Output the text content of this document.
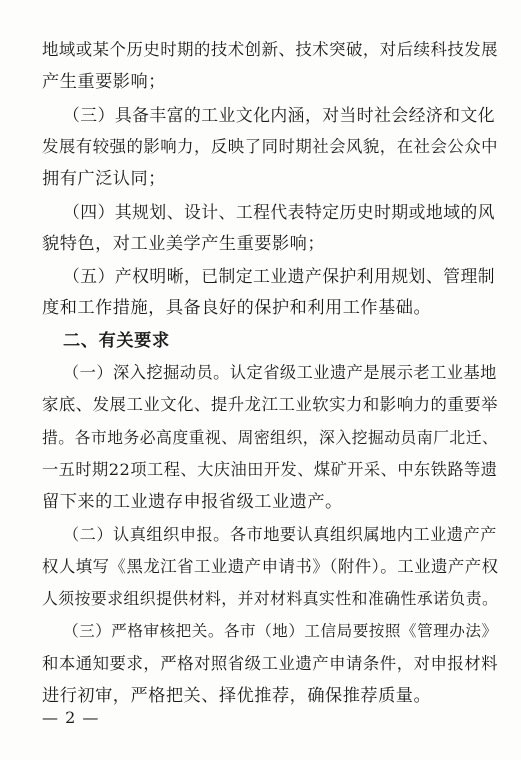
地域或某个历史时期的技术创新、技术突破，对后续科技发展
产生重要影响；
（三）具备丰富的工业文化内涵，对当时社会经济和文化
发展有较强的影响力，反映了同时期社会风貌，在社会公众中
拥有广泛认同；
（四）其规划、设计、工程代表特定历史时期或地域的风
貌特色，对工业美学产生重要影响；
（五）产权明晰，已制定工业遗产保护利用规划、管理制
度和工作措施，具备良好的保护和利用工作基础。
二、有关要求
（一）深入挖掘动员。认定省级工业遗产是展示老工业基地
家底、发展工业文化、提升龙江工业软实力和影响力的重要举
措。各市地务必高度重视、周密组织，深入挖掘动员南厂北迁、
一五时期22项工程、大庆油田开发、煤矿开采、中东铁路等遗
留下来的工业遗存申报省级工业遗产。
（二）认真组织申报。各市地要认真组织属地内工业遗产产
权人填写《黑龙江省工业遗产申请书》（附件）。工业遗产产权
人须按要求组织提供材料，并对材料真实性和准确性承诺负责。
（三）严格审核把关。各市（地）工信局要按照《管理办法》
和本通知要求，严格对照省级工业遗产申请条件，对申报材料
进行初审，严格把关、择优推荐，确保推荐质量。
— 2 —
